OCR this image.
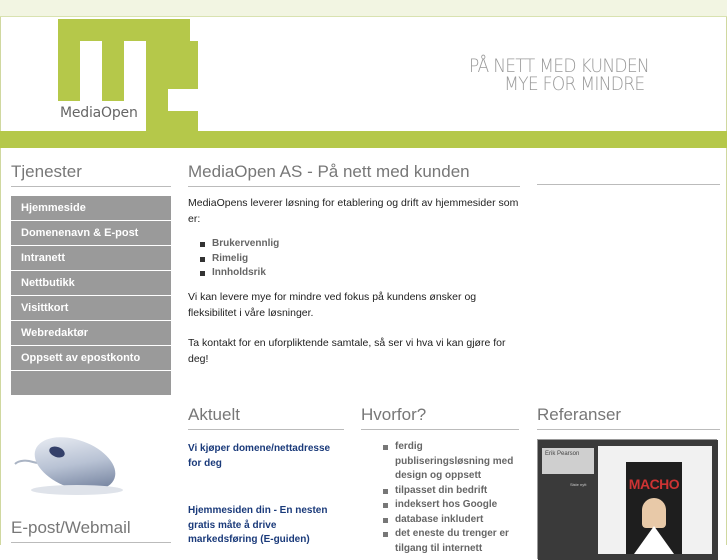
MediaOpen
PÅ NETT MED KUNDEN
MYE FOR MINDRE
Tjenester
Hjemmeside
Domenenavn & E-post
Intranett
Nettbutikk
Visittkort
Webredaktør
Oppsett av epostkonto
E-post/Webmail
MediaOpen AS - På nett med kunden

MediaOpens leverer løsning for etablering og drift av hjemmesider som er:

Brukervennlig
Rimelig
Innholdsrik

Vi kan levere mye for mindre ved fokus på kundens ønsker og fleksibilitet i våre løsninger.

Ta kontakt for en uforpliktende samtale, så ser vi hva vi kan gjøre for deg!

Aktuelt
Vi kjøper domene/nettadresse for deg
Hjemmesiden din - En nesten gratis måte å drive markedsføring (E-guiden)
Hvorfor?
ferdig publiseringsløsning med design og oppsett
tilpasset din bedrift
indeksert hos Google
database inkludert
det eneste du trenger er tilgang til internett
Referanser
Erik Pearson
Siste nytt	MACHO
